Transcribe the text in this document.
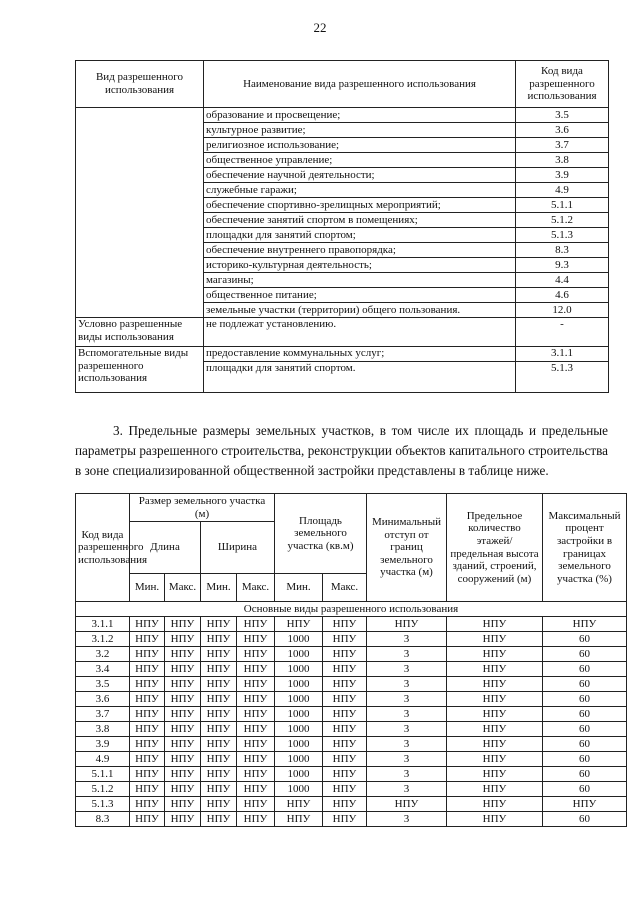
22
Вид разрешенного использования	Наименование вида разрешенного использования	Код вида разрешенного использования
	образование и просвещение;	3.5
	культурное развитие;	3.6
	религиозное использование;	3.7
	общественное управление;	3.8
	обеспечение научной деятельности;	3.9
	служебные гаражи;	4.9
	обеспечение спортивно-зрелищных мероприятий;	5.1.1
	обеспечение занятий спортом в помещениях;	5.1.2
	площадки для занятий спортом;	5.1.3
	обеспечение внутреннего правопорядка;	8.3
	историко-культурная деятельность;	9.3
	магазины;	4.4
	общественное питание;	4.6
	земельные участки (территории) общего пользования.	12.0
Условно разрешенные виды использования	не подлежат установлению.	-
Вспомогательные виды разрешенного использования	предоставление коммунальных услуг;	3.1.1
	площадки для занятий спортом.	5.1.3

3. Предельные размеры земельных участков, в том числе их площадь и предельные параметры разрешенного строительства, реконструкции объектов капитального строительства в зоне специализированной общественной застройки представлены в таблице ниже.

Код вида разрешенного использования	Размер земельного участка (м)				Площадь земельного участка (кв.м)		Минимальный отступ от границ земельного участка (м)	Предельное количество этажей/ предельная высота зданий, строений, сооружений (м)	Максимальный процент застройки в границах земельного участка (%)
	Длина		Ширина						
	Мин.	Макс.	Мин.	Макс.	Мин.	Макс.			
Основные виды разрешенного использования									
3.1.1	НПУ	НПУ	НПУ	НПУ	НПУ	НПУ	НПУ	НПУ	НПУ
3.1.2	НПУ	НПУ	НПУ	НПУ	1000	НПУ	3	НПУ	60
3.2	НПУ	НПУ	НПУ	НПУ	1000	НПУ	3	НПУ	60
3.4	НПУ	НПУ	НПУ	НПУ	1000	НПУ	3	НПУ	60
3.5	НПУ	НПУ	НПУ	НПУ	1000	НПУ	3	НПУ	60
3.6	НПУ	НПУ	НПУ	НПУ	1000	НПУ	3	НПУ	60
3.7	НПУ	НПУ	НПУ	НПУ	1000	НПУ	3	НПУ	60
3.8	НПУ	НПУ	НПУ	НПУ	1000	НПУ	3	НПУ	60
3.9	НПУ	НПУ	НПУ	НПУ	1000	НПУ	3	НПУ	60
4.9	НПУ	НПУ	НПУ	НПУ	1000	НПУ	3	НПУ	60
5.1.1	НПУ	НПУ	НПУ	НПУ	1000	НПУ	3	НПУ	60
5.1.2	НПУ	НПУ	НПУ	НПУ	1000	НПУ	3	НПУ	60
5.1.3	НПУ	НПУ	НПУ	НПУ	НПУ	НПУ	НПУ	НПУ	НПУ
8.3	НПУ	НПУ	НПУ	НПУ	НПУ	НПУ	3	НПУ	60
